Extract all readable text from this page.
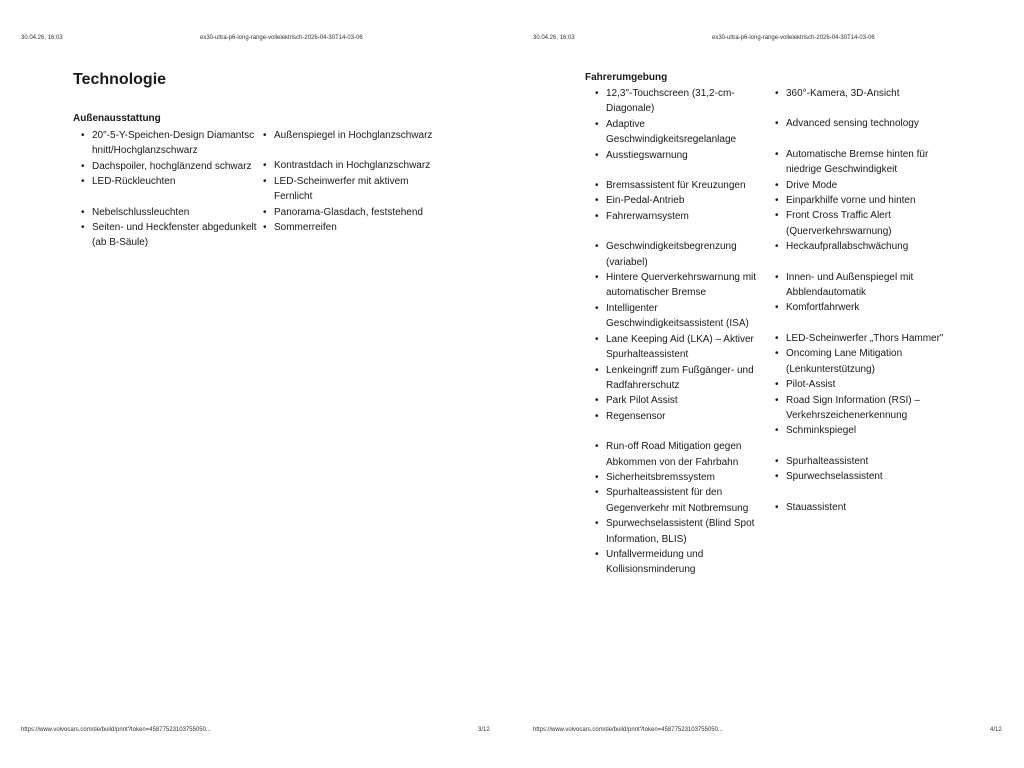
30.04.26, 16:03	ex30-ultra-p6-long-range-vollelektrisch-2026-04-30T14-03-06
Technologie
Außenausstattung
• 20"-5-Y-Speichen-Design Diamantschnitt/Hochglanzschwarz
• Dachspoiler, hochglänzend schwarz
• LED-Rückleuchten
• Nebelschlussleuchten
• Seiten- und Heckfenster abgedunkelt (ab B-Säule)
• Außenspiegel in Hochglanzschwarz
• Kontrastdach in Hochglanzschwarz
• LED-Scheinwerfer mit aktivem Fernlicht
• Panorama-Glasdach, feststehend
• Sommerreifen
https://www.volvocars.com/de/build/print?token=45877523103755050...	3/12
30.04.26, 16:03	ex30-ultra-p6-long-range-vollelektrisch-2026-04-30T14-03-06
Fahrerumgebung
• 12,3"-Touchscreen (31,2-cm-Diagonale)
• Adaptive Geschwindigkeitsregelanlage
• Ausstiegswarnung
• Bremsassistent für Kreuzungen
• Ein-Pedal-Antrieb
• Fahrerwarnsystem
• Geschwindigkeitsbegrenzung (variabel)
• Hintere Querverkehrswarnung mit automatischer Bremse
• Intelligenter Geschwindigkeitsassistent (ISA)
• Lane Keeping Aid (LKA) – Aktiver Spurhalteassistent
• Lenkeingriff zum Fußgänger- und Radfahrerschutz
• Park Pilot Assist
• Regensensor
• Run-off Road Mitigation gegen Abkommen von der Fahrbahn
• Sicherheitsbremssystem
• Spurhalteassistent für den Gegenverkehr mit Notbremsung
• Spurwechselassistent (Blind Spot Information, BLIS)
• Unfallvermeidung und Kollisionsminderung
• 360°-Kamera, 3D-Ansicht
• Advanced sensing technology
• Automatische Bremse hinten für niedrige Geschwindigkeit
• Drive Mode
• Einparkhilfe vorne und hinten
• Front Cross Traffic Alert (Querverkehrswarnung)
• Heckaufprallabschwächung
• Innen- und Außenspiegel mit Abblendautomatik
• Komfortfahrwerk
• LED-Scheinwerfer „Thors Hammer"
• Oncoming Lane Mitigation (Lenkunterstützung)
• Pilot-Assist
• Road Sign Information (RSI) – Verkehrszeichenerkennung
• Schminkspiegel
• Spurhalteassistent
• Spurwechselassistent
• Stauassistent
https://www.volvocars.com/de/build/print?token=45877523103755050...	4/12
